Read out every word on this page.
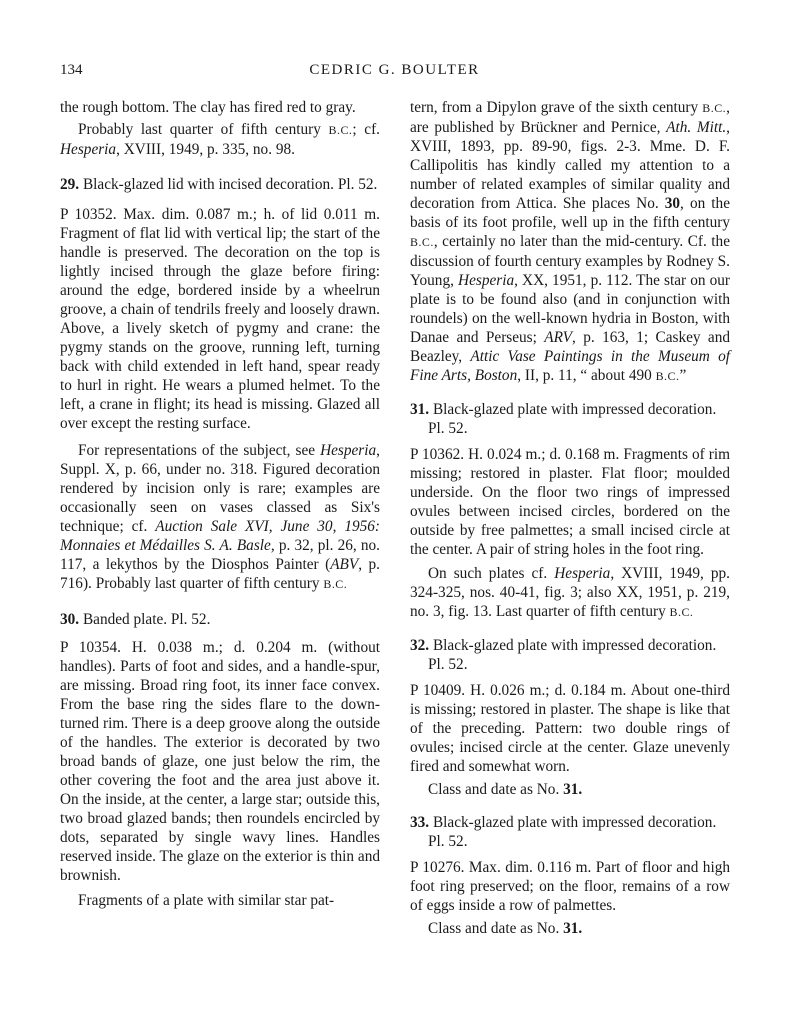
134	CEDRIC G. BOULTER

the rough bottom. The clay has fired red to gray.

Probably last quarter of fifth century B.C.; cf. Hesperia, XVIII, 1949, p. 335, no. 98.

29. Black-glazed lid with incised decoration. Pl. 52.

P 10352. Max. dim. 0.087 m.; h. of lid 0.011 m. Fragment of flat lid with vertical lip; the start of the handle is preserved. The decoration on the top is lightly incised through the glaze before firing: around the edge, bordered inside by a wheelrun groove, a chain of tendrils freely and loosely drawn. Above, a lively sketch of pygmy and crane: the pygmy stands on the groove, running left, turning back with child extended in left hand, spear ready to hurl in right. He wears a plumed helmet. To the left, a crane in flight; its head is missing. Glazed all over except the resting surface.

For representations of the subject, see Hesperia, Suppl. X, p. 66, under no. 318. Figured decoration rendered by incision only is rare; examples are occasionally seen on vases classed as Six's technique; cf. Auction Sale XVI, June 30, 1956: Monnaies et Médailles S. A. Basle, p. 32, pl. 26, no. 117, a lekythos by the Diosphos Painter (ABV, p. 716). Probably last quarter of fifth century B.C.

30. Banded plate. Pl. 52.

P 10354. H. 0.038 m.; d. 0.204 m. (without handles). Parts of foot and sides, and a handle-spur, are missing. Broad ring foot, its inner face convex. From the base ring the sides flare to the down-turned rim. There is a deep groove along the outside of the handles. The exterior is decorated by two broad bands of glaze, one just below the rim, the other covering the foot and the area just above it. On the inside, at the center, a large star; outside this, two broad glazed bands; then roundels encircled by dots, separated by single wavy lines. Handles reserved inside. The glaze on the exterior is thin and brownish.

Fragments of a plate with similar star pat-

tern, from a Dipylon grave of the sixth century B.C., are published by Brückner and Pernice, Ath. Mitt., XVIII, 1893, pp. 89-90, figs. 2-3. Mme. D. F. Callipolitis has kindly called my attention to a number of related examples of similar quality and decoration from Attica. She places No. 30, on the basis of its foot profile, well up in the fifth century B.C., certainly no later than the mid-century. Cf. the discussion of fourth century examples by Rodney S. Young, Hesperia, XX, 1951, p. 112. The star on our plate is to be found also (and in conjunction with roundels) on the well-known hydria in Boston, with Danae and Perseus; ARV, p. 163, 1; Caskey and Beazley, Attic Vase Paintings in the Museum of Fine Arts, Boston, II, p. 11, “ about 490 B.C.”

31. Black-glazed plate with impressed decoration. Pl. 52.

P 10362. H. 0.024 m.; d. 0.168 m. Fragments of rim missing; restored in plaster. Flat floor; moulded underside. On the floor two rings of impressed ovules between incised circles, bordered on the outside by free palmettes; a small incised circle at the center. A pair of string holes in the foot ring.

On such plates cf. Hesperia, XVIII, 1949, pp. 324-325, nos. 40-41, fig. 3; also XX, 1951, p. 219, no. 3, fig. 13. Last quarter of fifth century B.C.

32. Black-glazed plate with impressed decoration. Pl. 52.

P 10409. H. 0.026 m.; d. 0.184 m. About one-third is missing; restored in plaster. The shape is like that of the preceding. Pattern: two double rings of ovules; incised circle at the center. Glaze unevenly fired and somewhat worn.

Class and date as No. 31.

33. Black-glazed plate with impressed decoration. Pl. 52.

P 10276. Max. dim. 0.116 m. Part of floor and high foot ring preserved; on the floor, remains of a row of eggs inside a row of palmettes.

Class and date as No. 31.
